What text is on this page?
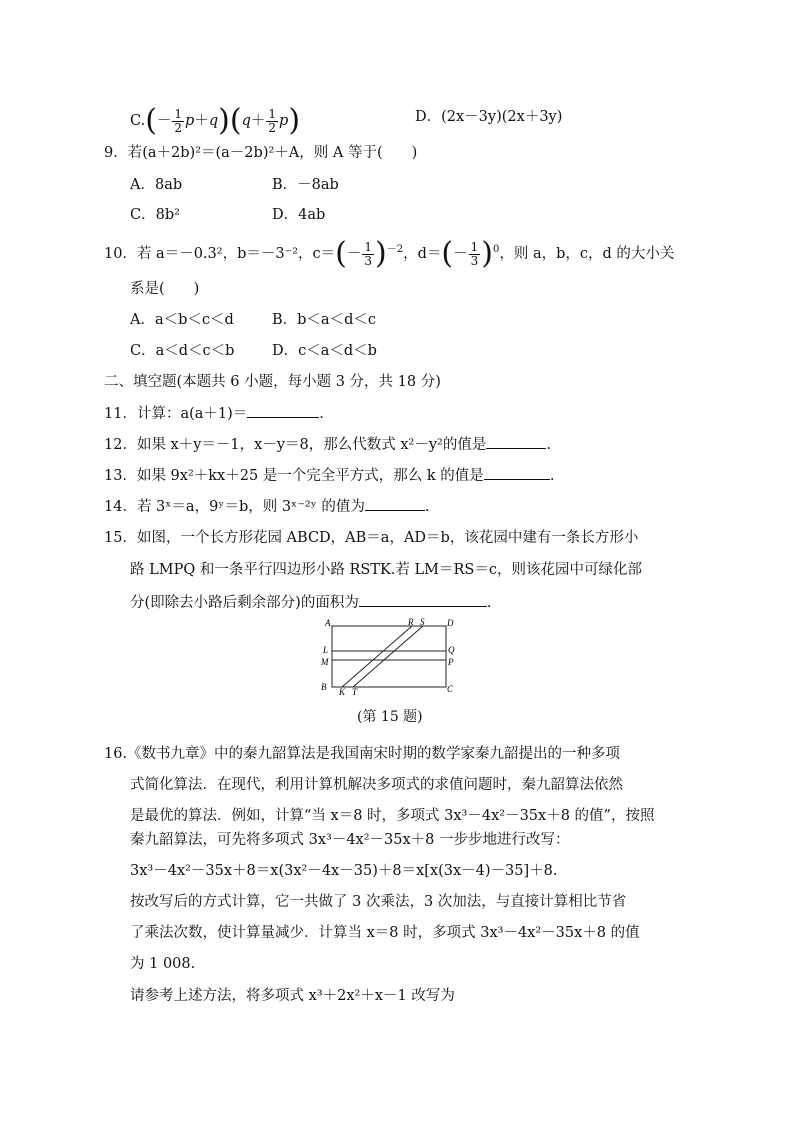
$C.(- \frac{1}{2} p+q)(q+ \frac{1}{2} p)$	D．(2x－3y)(2x＋3y)
9．若(a＋2b)²＝(a－2b)²＋A，则 A 等于(　　)
A．8ab	B．－8ab
C．8b²	D．4ab
10．若 a＝－0.3²，b＝－3⁻²，$c=(- \frac{1}{3} )^{-2}$，$d=(- \frac{1}{3} )^0$，则 a，b，c，d 的大小关
系是(　　)
A．a＜b＜c＜d	B．b＜a＜d＜c
C．a＜d＜c＜b	D．c＜a＜d＜b
二、填空题(本题共 6 小题，每小题 3 分，共 18 分)
11．计算：a(a＋1)＝	.
12．如果 x＋y＝－1，x－y＝8，那么代数式 x²－y²的值是	.
13．如果 9x²＋kx＋25 是一个完全平方式，那么 k 的值是	.
14．若 3ˣ＝a，9ʸ＝b，则 3ˣ⁻²ʸ 的值为	.
15．如图，一个长方形花园 ABCD，AB＝a，AD＝b，该花园中建有一条长方形小
路 LMPQ 和一条平行四边形小路 RSTK.若 LM＝RS＝c，则该花园中可绿化部
分(即除去小路后剩余部分)的面积为	.
A	R S	D
L	Q
M	P
B K T	C
(第 15 题)
16.《数书九章》中的秦九韶算法是我国南宋时期的数学家秦九韶提出的一种多项
式简化算法．在现代，利用计算机解决多项式的求值问题时，秦九韶算法依然
是最优的算法．例如，计算“当 x＝8 时，多项式 3x³－4x²－35x＋8 的值”，按照
秦九韶算法，可先将多项式 3x³－4x²－35x＋8 一步步地进行改写：
3x³－4x²－35x＋8＝x(3x²－4x－35)＋8＝x[x(3x－4)－35]＋8.
按改写后的方式计算，它一共做了 3 次乘法，3 次加法，与直接计算相比节省
了乘法次数，使计算量减少．计算当 x＝8 时，多项式 3x³－4x²－35x＋8 的值
为 1 008.
请参考上述方法，将多项式 x³＋2x²＋x－1 改写为
